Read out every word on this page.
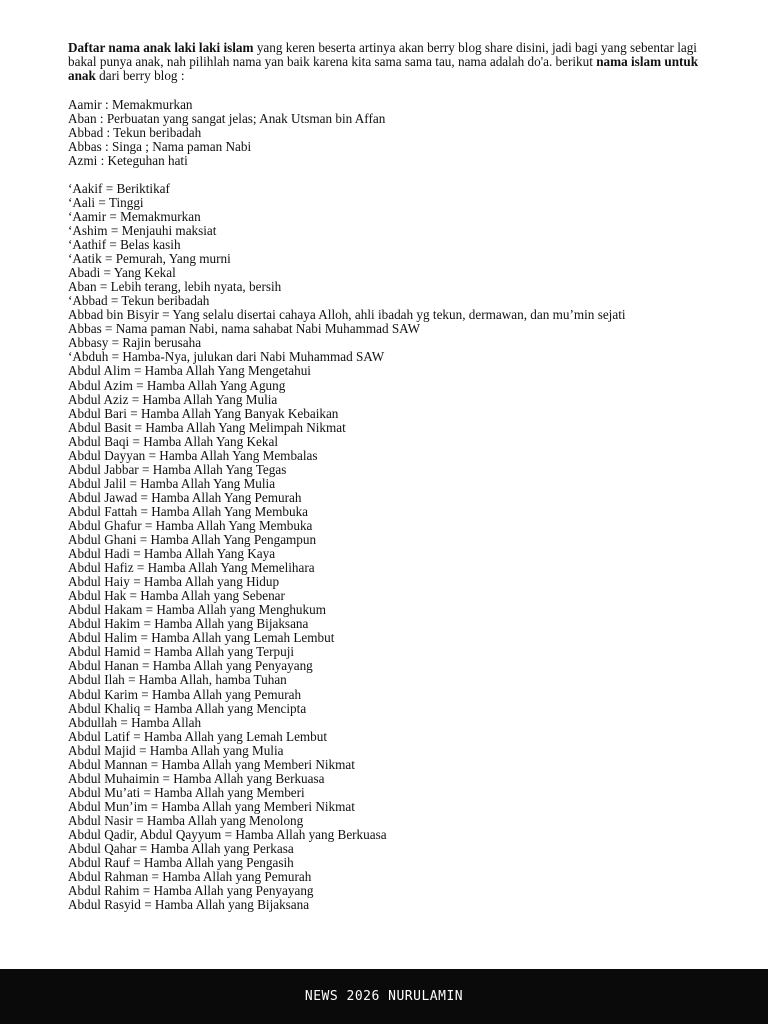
Daftar nama anak laki laki islam yang keren beserta artinya akan berry blog share disini, jadi bagi yang sebentar lagi bakal punya anak, nah pilihlah nama yan baik karena kita sama sama tau, nama adalah do'a. berikut nama islam untuk anak dari berry blog :

Aamir : Memakmurkan
Aban : Perbuatan yang sangat jelas; Anak Utsman bin Affan
Abbad : Tekun beribadah
Abbas : Singa ; Nama paman Nabi
Azmi : Keteguhan hati
‘Aakif = Beriktikaf
‘Aali = Tinggi
‘Aamir = Memakmurkan
‘Ashim = Menjauhi maksiat
‘Aathif = Belas kasih
‘Aatik = Pemurah, Yang murni
Abadi = Yang Kekal
Aban = Lebih terang, lebih nyata, bersih
‘Abbad = Tekun beribadah
Abbad bin Bisyir = Yang selalu disertai cahaya Alloh, ahli ibadah yg tekun, dermawan, dan mu’min sejati
Abbas = Nama paman Nabi, nama sahabat Nabi Muhammad SAW
Abbasy = Rajin berusaha
‘Abduh = Hamba-Nya, julukan dari Nabi Muhammad SAW
Abdul Alim = Hamba Allah Yang Mengetahui
Abdul Azim = Hamba Allah Yang Agung
Abdul Aziz = Hamba Allah Yang Mulia
Abdul Bari = Hamba Allah Yang Banyak Kebaikan
Abdul Basit = Hamba Allah Yang Melimpah Nikmat
Abdul Baqi = Hamba Allah Yang Kekal
Abdul Dayyan = Hamba Allah Yang Membalas
Abdul Jabbar = Hamba Allah Yang Tegas
Abdul Jalil = Hamba Allah Yang Mulia
Abdul Jawad = Hamba Allah Yang Pemurah
Abdul Fattah = Hamba Allah Yang Membuka
Abdul Ghafur = Hamba Allah Yang Membuka
Abdul Ghani = Hamba Allah Yang Pengampun
Abdul Hadi = Hamba Allah Yang Kaya
Abdul Hafiz = Hamba Allah Yang Memelihara
Abdul Haiy = Hamba Allah yang Hidup
Abdul Hak = Hamba Allah yang Sebenar
Abdul Hakam = Hamba Allah yang Menghukum
Abdul Hakim = Hamba Allah yang Bijaksana
Abdul Halim = Hamba Allah yang Lemah Lembut
Abdul Hamid = Hamba Allah yang Terpuji
Abdul Hanan = Hamba Allah yang Penyayang
Abdul Ilah = Hamba Allah, hamba Tuhan
Abdul Karim = Hamba Allah yang Pemurah
Abdul Khaliq = Hamba Allah yang Mencipta
Abdullah = Hamba Allah
Abdul Latif = Hamba Allah yang Lemah Lembut
Abdul Majid = Hamba Allah yang Mulia
Abdul Mannan = Hamba Allah yang Memberi Nikmat
Abdul Muhaimin = Hamba Allah yang Berkuasa
Abdul Mu’ati = Hamba Allah yang Memberi
Abdul Mun’im = Hamba Allah yang Memberi Nikmat
Abdul Nasir = Hamba Allah yang Menolong
Abdul Qadir, Abdul Qayyum = Hamba Allah yang Berkuasa
Abdul Qahar = Hamba Allah yang Perkasa
Abdul Rauf = Hamba Allah yang Pengasih
Abdul Rahman = Hamba Allah yang Pemurah
Abdul Rahim = Hamba Allah yang Penyayang
Abdul Rasyid = Hamba Allah yang Bijaksana
NEWS 2026 NURULAMIN
